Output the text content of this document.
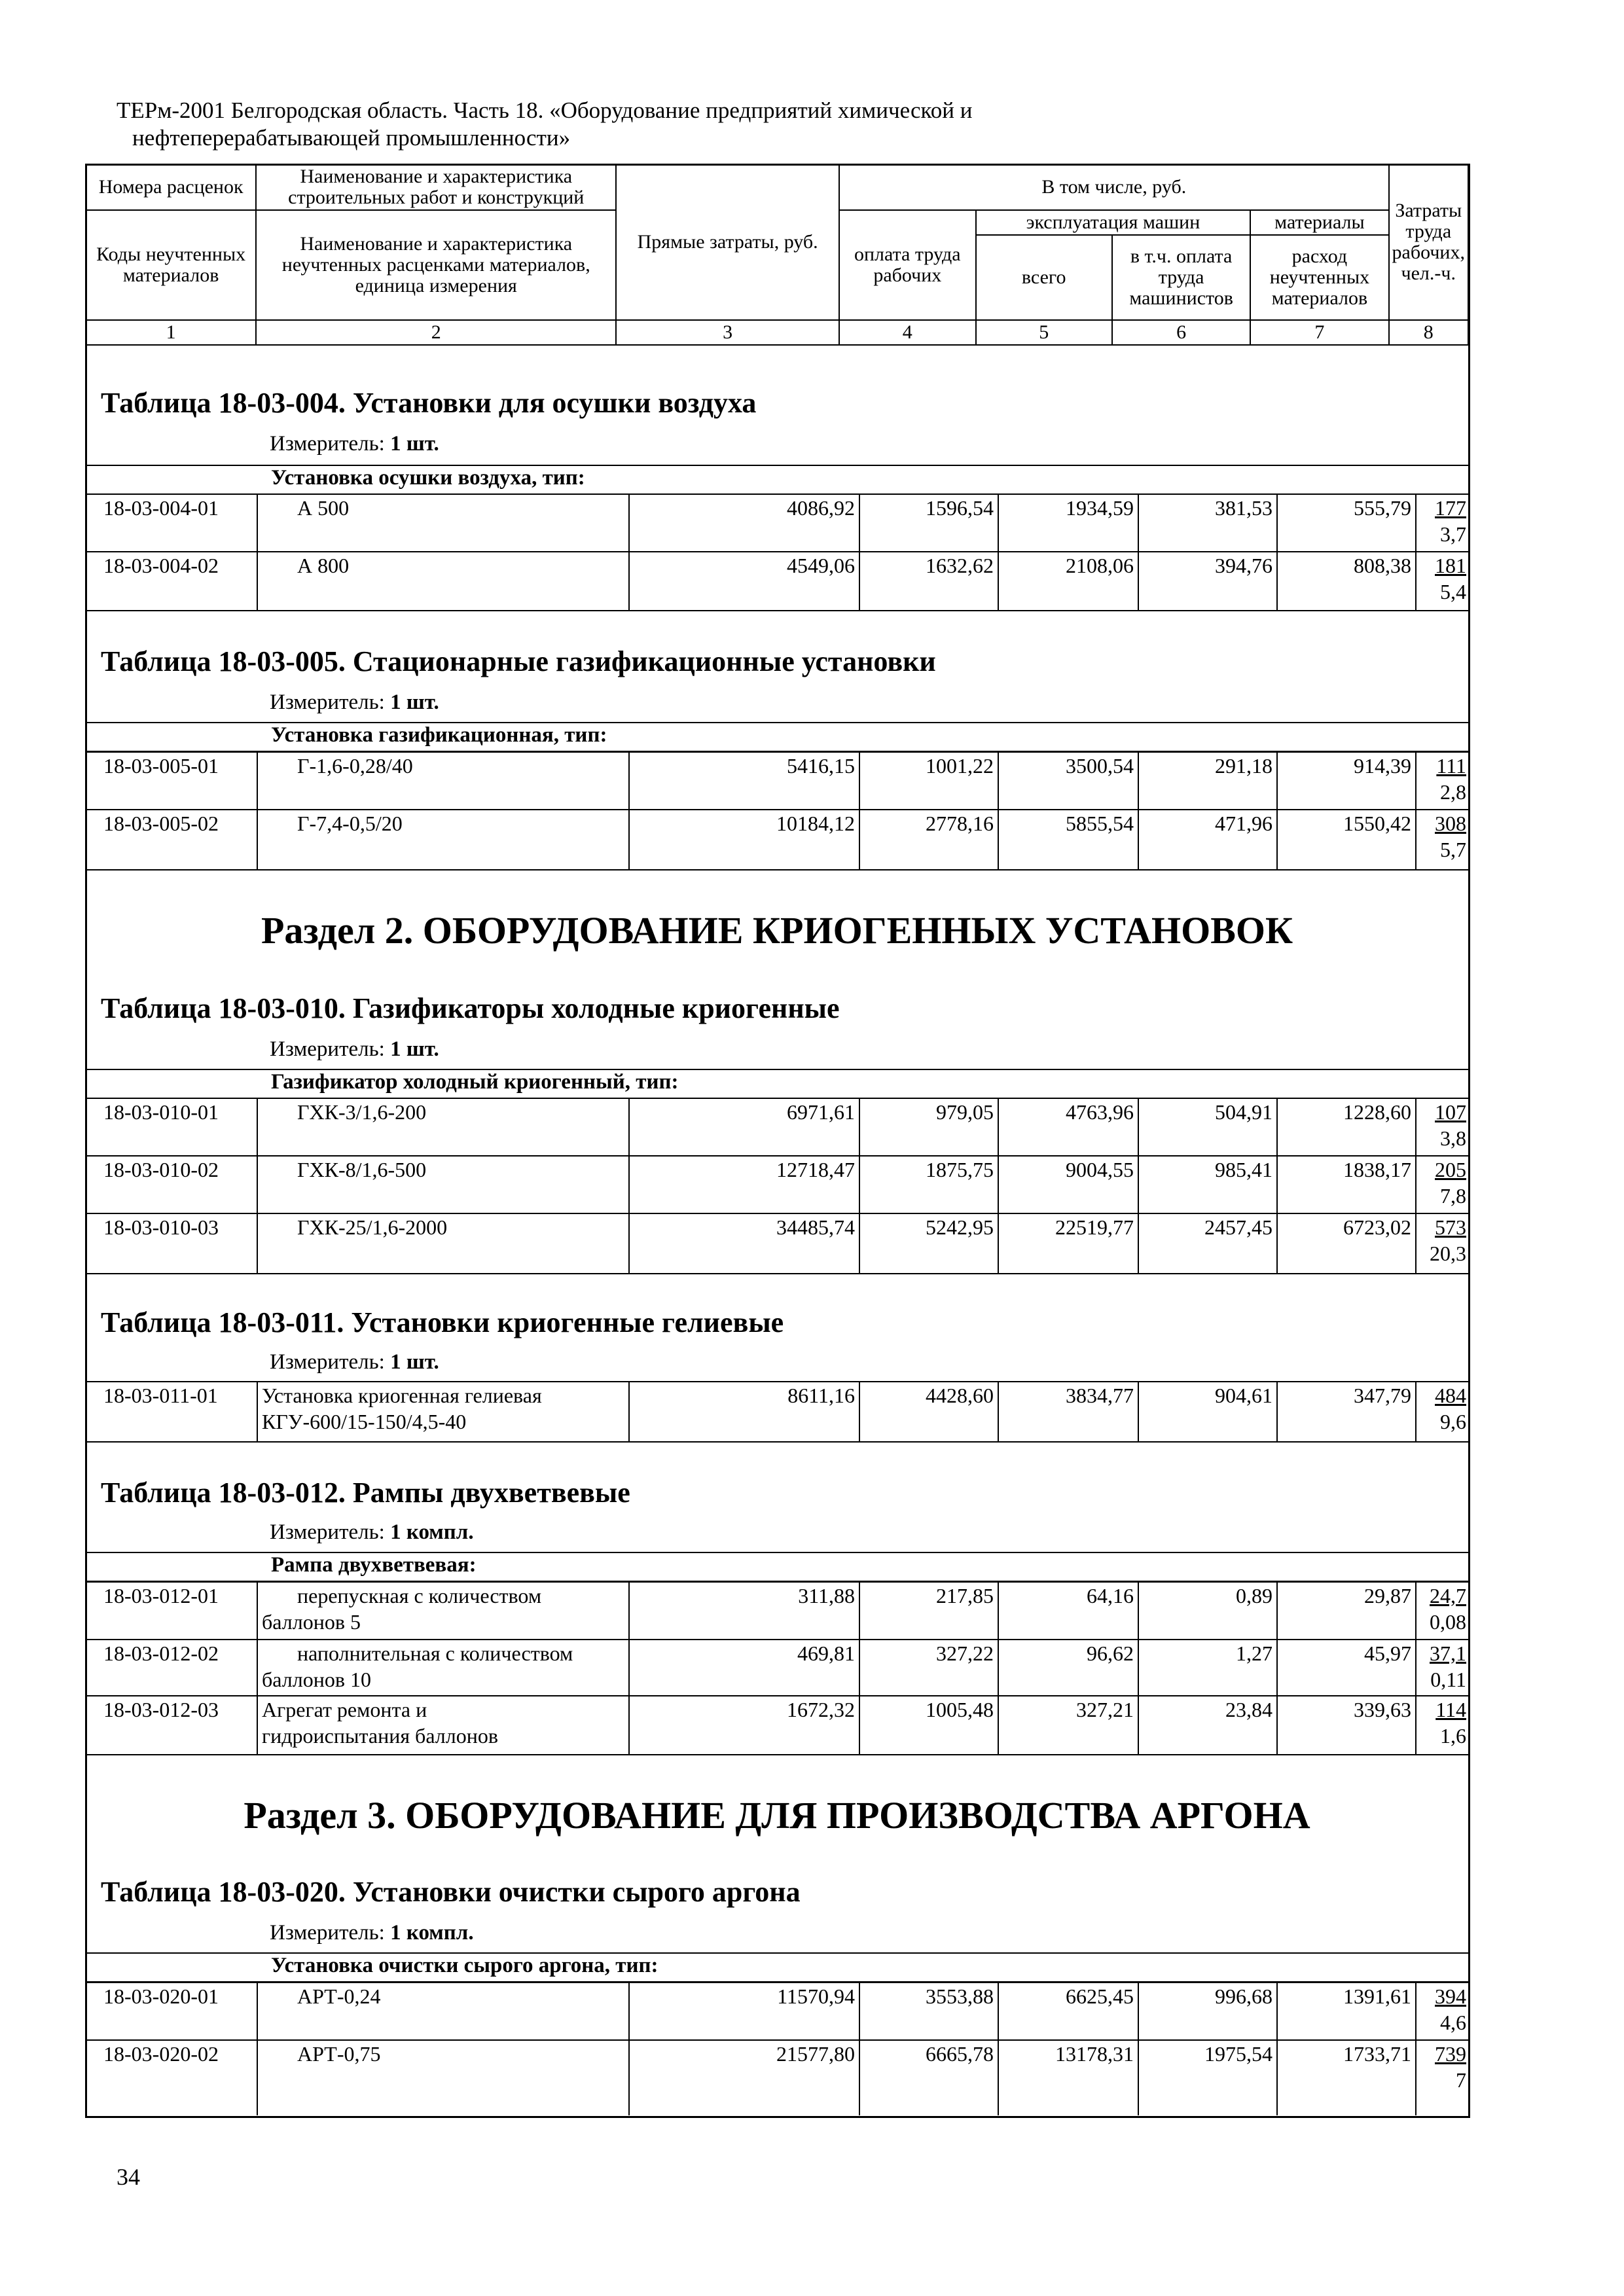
ТЕРм-2001 Белгородская область. Часть 18. «Оборудование предприятий химической и
нефтеперерабатывающей промышленности»
Номера расценок	Наименование и характеристика строительных работ и конструкций	Прямые затраты, руб.	В том числе, руб.				Затраты труда рабочих, чел.-ч.
Коды неучтенных материалов	Наименование и характеристика неучтенных расценками материалов, единица измерения		оплата труда рабочих	эксплуатация машин		материалы	
				всего	в т.ч. оплата труда машинистов	расход неучтенных материалов	
1	2	3	4	5	6	7	8
Таблица 18-03-004. Установки для осушки воздуха
Измеритель: 1 шт.
Установка осушки воздуха, тип:
18-03-004-01	А 500	4086,92	1596,54	1934,59	381,53	555,79	177
3,7
18-03-004-02	А 800	4549,06	1632,62	2108,06	394,76	808,38	181
5,4
Таблица 18-03-005. Стационарные газификационные установки
Измеритель: 1 шт.
Установка газификационная, тип:
18-03-005-01	Г-1,6-0,28/40	5416,15	1001,22	3500,54	291,18	914,39	111
2,8
18-03-005-02	Г-7,4-0,5/20	10184,12	2778,16	5855,54	471,96	1550,42	308
5,7
Раздел 2. ОБОРУДОВАНИЕ КРИОГЕННЫХ УСТАНОВОК
Таблица 18-03-010. Газификаторы холодные криогенные
Измеритель: 1 шт.
Газификатор холодный криогенный, тип:
18-03-010-01	ГХК-3/1,6-200	6971,61	979,05	4763,96	504,91	1228,60	107
3,8
18-03-010-02	ГХК-8/1,6-500	12718,47	1875,75	9004,55	985,41	1838,17	205
7,8
18-03-010-03	ГХК-25/1,6-2000	34485,74	5242,95	22519,77	2457,45	6723,02	573
20,3
Таблица 18-03-011. Установки криогенные гелиевые
Измеритель: 1 шт.
18-03-011-01	Установка криогенная гелиевая
КГУ-600/15-150/4,5-40
8611,16	4428,60	3834,77	904,61	347,79	484
9,6
Таблица 18-03-012. Рампы двухветвевые
Измеритель: 1 компл.
Рампа двухветвевая:
18-03-012-01	перепускная с количеством
баллонов 5
311,88	217,85	64,16	0,89	29,87 24,7
0,08
18-03-012-02	наполнительная с количеством
баллонов 10
469,81	327,22	96,62	1,27	45,97 37,1
0,11
18-03-012-03	Агрегат ремонта и
гидроиспытания баллонов
1672,32	1005,48	327,21	23,84	339,63	114
1,6
Раздел 3. ОБОРУДОВАНИЕ ДЛЯ ПРОИЗВОДСТВА АРГОНА
Таблица 18-03-020. Установки очистки сырого аргона
Измеритель: 1 компл.
Установка очистки сырого аргона, тип:
18-03-020-01	АРТ-0,24	11570,94	3553,88	6625,45	996,68	1391,61	394
4,6
18-03-020-02	АРТ-0,75	21577,80	6665,78	13178,31	1975,54	1733,71	739
7
34
